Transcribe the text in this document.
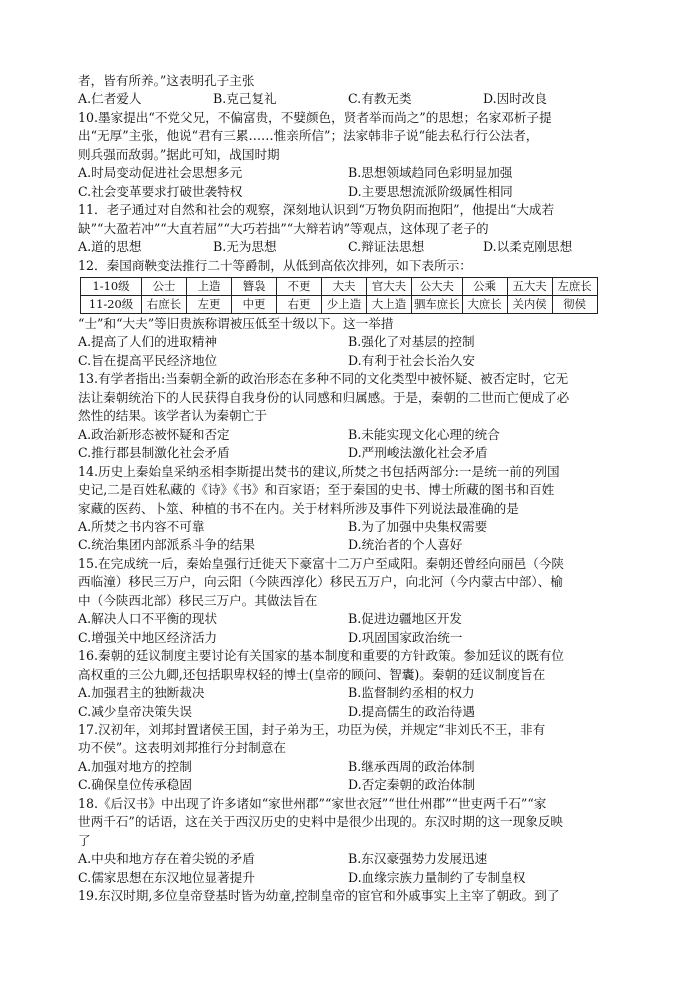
者，皆有所养。”这表明孔子主张
A.仁者爱人	B.克己复礼	C.有教无类	D.因时改良
10.墨家提出“不党父兄，不偏富贵，不嬖颜色，贤者举而尚之”的思想；名家邓析子提
出“无厚”主张，他说“君有三累……惟亲所信”；法家韩非子说“能去私行行公法者，
则兵强而敌弱。”据此可知，战国时期
A.时局变动促进社会思想多元	B.思想领域趋同色彩明显加强
C.社会变革要求打破世袭特权	D.主要思想流派阶级属性相同
11．老子通过对自然和社会的观察，深刻地认识到“万物负阴而抱阳”，他提出“大成若
缺”“大盈若冲”“大直若屈”“大巧若拙”“大辩若讷”等观点，这体现了老子的
A.道的思想	B.无为思想	C.辩证法思想	D.以柔克刚思想
12．秦国商鞅变法推行二十等爵制，从低到高依次排列，如下表所示：
1-10级	公士	上造	簪袅	不更	大夫	官大夫	公大夫	公乘	五大夫	左庶长
11-20级	右庶长	左更	中更	右更	少上造	大上造	驷车庶长	大庶长	关内侯	彻侯
“士”和“大夫”等旧贵族称谓被压低至十级以下。这一举措
A.提高了人们的进取精神	B.强化了对基层的控制
C.旨在提高平民经济地位	D.有利于社会长治久安
13.有学者指出:当秦朝全新的政治形态在多种不同的文化类型中被怀疑、被否定时，它无
法让秦朝统治下的人民获得自我身份的认同感和归属感。于是，秦朝的二世而亡便成了必
然性的结果。该学者认为秦朝亡于
A.政治新形态被怀疑和否定	B.未能实现文化心理的统合
C.推行郡县制激化社会矛盾	D.严刑峻法激化社会矛盾
14.历史上秦始皇采纳丞相李斯提出焚书的建议,所焚之书包括两部分:一是统一前的列国
史记,二是百姓私藏的《诗》《书》和百家语；至于秦国的史书、博士所藏的图书和百姓
家藏的医药、卜筮、种植的书不在内。关于材料所涉及事件下列说法最准确的是
A.所焚之书内容不可靠	B.为了加强中央集权需要
C.统治集团内部派系斗争的结果	D.统治者的个人喜好
15.在完成统一后，秦始皇强行迁徙天下豪富十二万户至咸阳。秦朝还曾经向丽邑（今陕
西临潼）移民三万户，向云阳（今陕西淳化）移民五万户，向北河（今内蒙古中部）、榆
中（今陕西北部）移民三万户。其做法旨在
A.解决人口不平衡的现状	B.促进边疆地区开发
C.增强关中地区经济活力	D.巩固国家政治统一
16.秦朝的廷议制度主要讨论有关国家的基本制度和重要的方针政策。参加廷议的既有位
高权重的三公九卿,还包括职卑权轻的博士(皇帝的顾问、智囊)。秦朝的廷议制度旨在
A.加强君主的独断裁决	B.监督制约丞相的权力
C.减少皇帝决策失误	D.提高儒生的政治待遇
17.汉初年，刘邦封置诸侯王国，封子弟为王，功臣为侯，并规定“非刘氏不王，非有
功不侯”。这表明刘邦推行分封制意在
A.加强对地方的控制	B.继承西周的政治体制
C.确保皇位传承稳固	D.否定秦朝的政治体制
18.《后汉书》中出现了许多诸如“家世州郡”“家世衣冠”“世仕州郡”“世吏两千石”“家
世两千石”的话语，这在关于西汉历史的史料中是很少出现的。东汉时期的这一现象反映
了
A.中央和地方存在着尖锐的矛盾	B.东汉豪强势力发展迅速
C.儒家思想在东汉地位显著提升	D.血缘宗族力量制约了专制皇权
19.东汉时期,多位皇帝登基时皆为幼童,控制皇帝的宦官和外戚事实上主宰了朝政。到了
